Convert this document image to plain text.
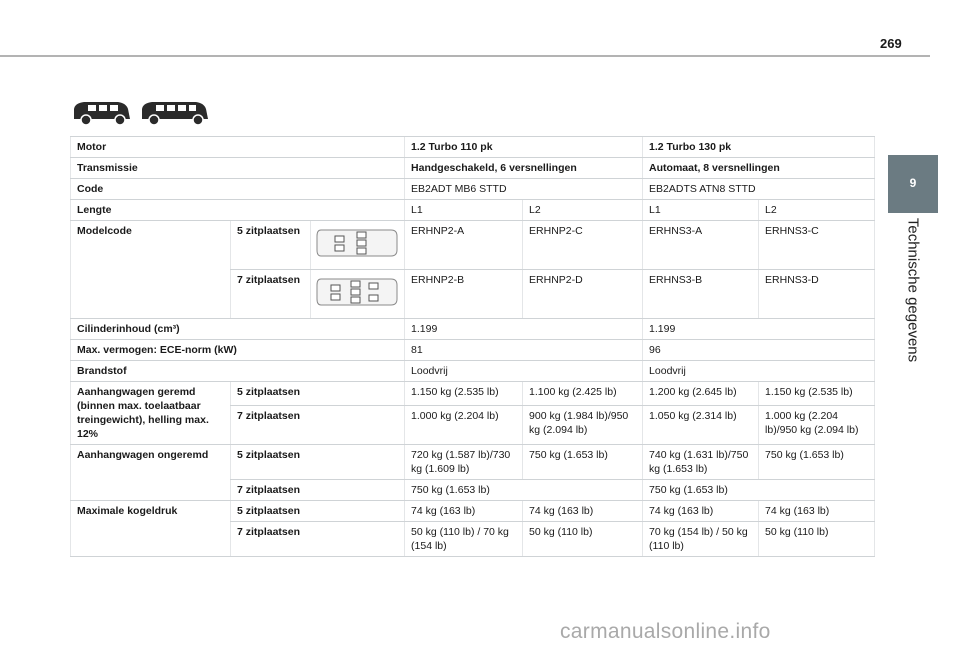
269
9
Technische gegevens
Motor			1.2 Turbo 110 pk		1.2 Turbo 130 pk	
Transmissie			Handgeschakeld, 6 versnellingen		Automaat, 8 versnellingen	
Code			EB2ADT MB6 STTD		EB2ADTS ATN8 STTD	
Lengte			L1	L2	L1	L2
Modelcode	5 zitplaatsen		ERHNP2-A	ERHNP2-C	ERHNS3-A	ERHNS3-C
	7 zitplaatsen		ERHNP2-B	ERHNP2-D	ERHNS3-B	ERHNS3-D
Cilinderinhoud (cm³)			1.199		1.199	
Max. vermogen: ECE-norm (kW)			81		96	
Brandstof			Loodvrij		Loodvrij	
Aanhangwagen geremd (binnen max. toelaatbaar treingewicht), helling max. 12%	5 zitplaatsen		1.150 kg (2.535 lb)	1.100 kg (2.425 lb)	1.200 kg (2.645 lb)	1.150 kg (2.535 lb)
	7 zitplaatsen		1.000 kg (2.204 lb)	900 kg (1.984 lb)/950 kg (2.094 lb)	1.050 kg (2.314 lb)	1.000 kg (2.204 lb)/950 kg (2.094 lb)
Aanhangwagen ongeremd	5 zitplaatsen		720 kg (1.587 lb)/730 kg (1.609 lb)	750 kg (1.653 lb)	740 kg (1.631 lb)/750 kg (1.653 lb)	750 kg (1.653 lb)
	7 zitplaatsen		750 kg (1.653 lb)		750 kg (1.653 lb)	
Maximale kogeldruk	5 zitplaatsen		74 kg (163 lb)	74 kg (163 lb)	74 kg (163 lb)	74 kg (163 lb)
	7 zitplaatsen		50 kg (110 lb) / 70 kg (154 lb)	50 kg (110 lb)	70 kg (154 lb) / 50 kg (110 lb)	50 kg (110 lb)
carmanualsonline.info
